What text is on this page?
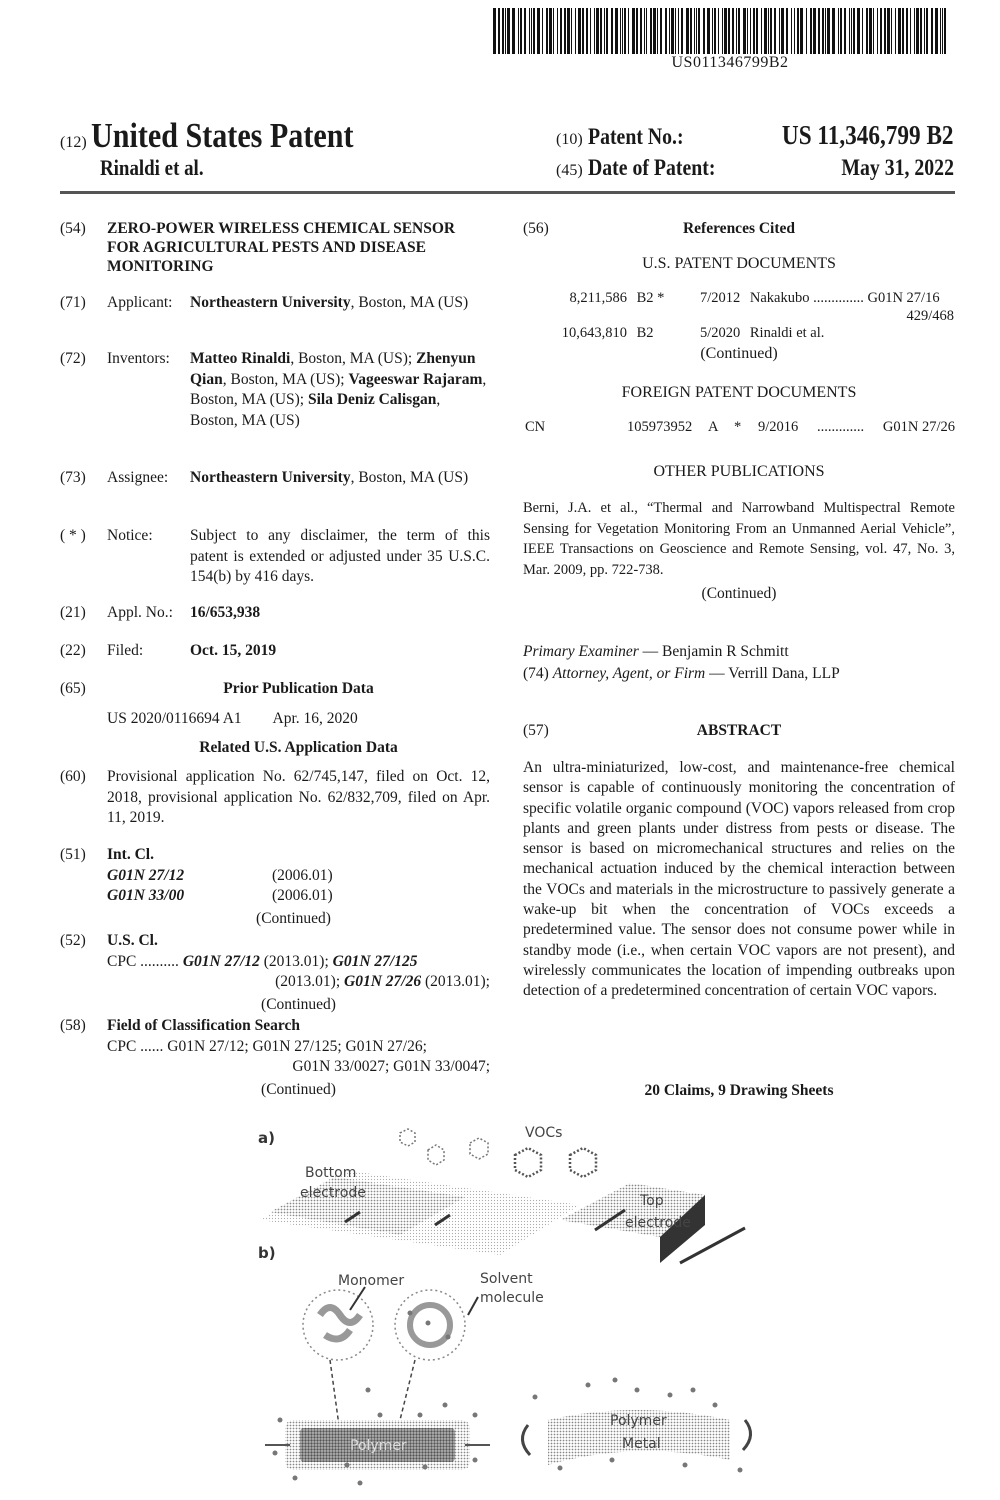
US011346799B2
(12) United States Patent
Rinaldi et al.
(10) Patent No.:	US 11,346,799 B2
(45) Date of Patent:	May 31, 2022
(54) ZERO-POWER WIRELESS CHEMICAL SENSOR FOR AGRICULTURAL PESTS AND DISEASE MONITORING
(71) Applicant: Northeastern University, Boston, MA (US)
(72) Inventors: Matteo Rinaldi, Boston, MA (US); Zhenyun Qian, Boston, MA (US); Vageeswar Rajaram, Boston, MA (US); Sila Deniz Calisgan, Boston, MA (US)
(73) Assignee: Northeastern University, Boston, MA (US)
( * ) Notice: Subject to any disclaimer, the term of this patent is extended or adjusted under 35 U.S.C. 154(b) by 416 days.
(21) Appl. No.: 16/653,938
(22) Filed:	Oct. 15, 2019
(65)	Prior Publication Data
US 2020/0116694 A1 Apr. 16, 2020
Related U.S. Application Data
(60) Provisional application No. 62/745,147, filed on Oct. 12, 2018, provisional application No. 62/832,709, filed on Apr. 11, 2019.
(51) Int. Cl.
G01N 27/12	(2006.01)
G01N 33/00	(2006.01)
(Continued)
(52) U.S. Cl.
CPC .......... G01N 27/12 (2013.01); G01N 27/125
(2013.01); G01N 27/26 (2013.01);
(Continued)
(58) Field of Classification Search
CPC ...... G01N 27/12; G01N 27/125; G01N 27/26;
G01N 33/0027; G01N 33/0047;
(Continued)
(56)	References Cited
U.S. PATENT DOCUMENTS
8,211,586 B2 * 7/2012 Nakakubo .............. G01N 27/16
429/468
10,643,810 B2	5/2020 Rinaldi et al.
(Continued)
FOREIGN PATENT DOCUMENTS
CN	105973952 A * 9/2016 ............. G01N 27/26
OTHER PUBLICATIONS
Berni, J.A. et al., “Thermal and Narrowband Multispectral Remote Sensing for Vegetation Monitoring From an Unmanned Aerial Vehicle”, IEEE Transactions on Geoscience and Remote Sensing, vol. 47, No. 3, Mar. 2009, pp. 722-738.
(Continued)
Primary Examiner — Benjamin R Schmitt
(74) Attorney, Agent, or Firm — Verrill Dana, LLP
(57)	ABSTRACT
An ultra-miniaturized, low-cost, and maintenance-free chemical sensor is capable of continuously monitoring the concentration of specific volatile organic compound (VOC) vapors released from crop plants and green plants under distress from pests or disease. The sensor is based on micromechanical structures and relies on the mechanical actuation induced by the chemical interaction between the VOCs and materials in the microstructure to passively generate a wake-up bit when the concentration of VOCs exceeds a predetermined value. The sensor does not consume power while in standby mode (i.e., when certain VOC vapors are not present), and wirelessly communicates the location of impending outbreaks upon detection of a predetermined concentration of certain VOC vapors.
20 Claims, 9 Drawing Sheets
a)	VOCs
Bottom
electrode	Top
electrode
b)
Monomer	Solvent
molecule
Polymer
Polymer
Metal
